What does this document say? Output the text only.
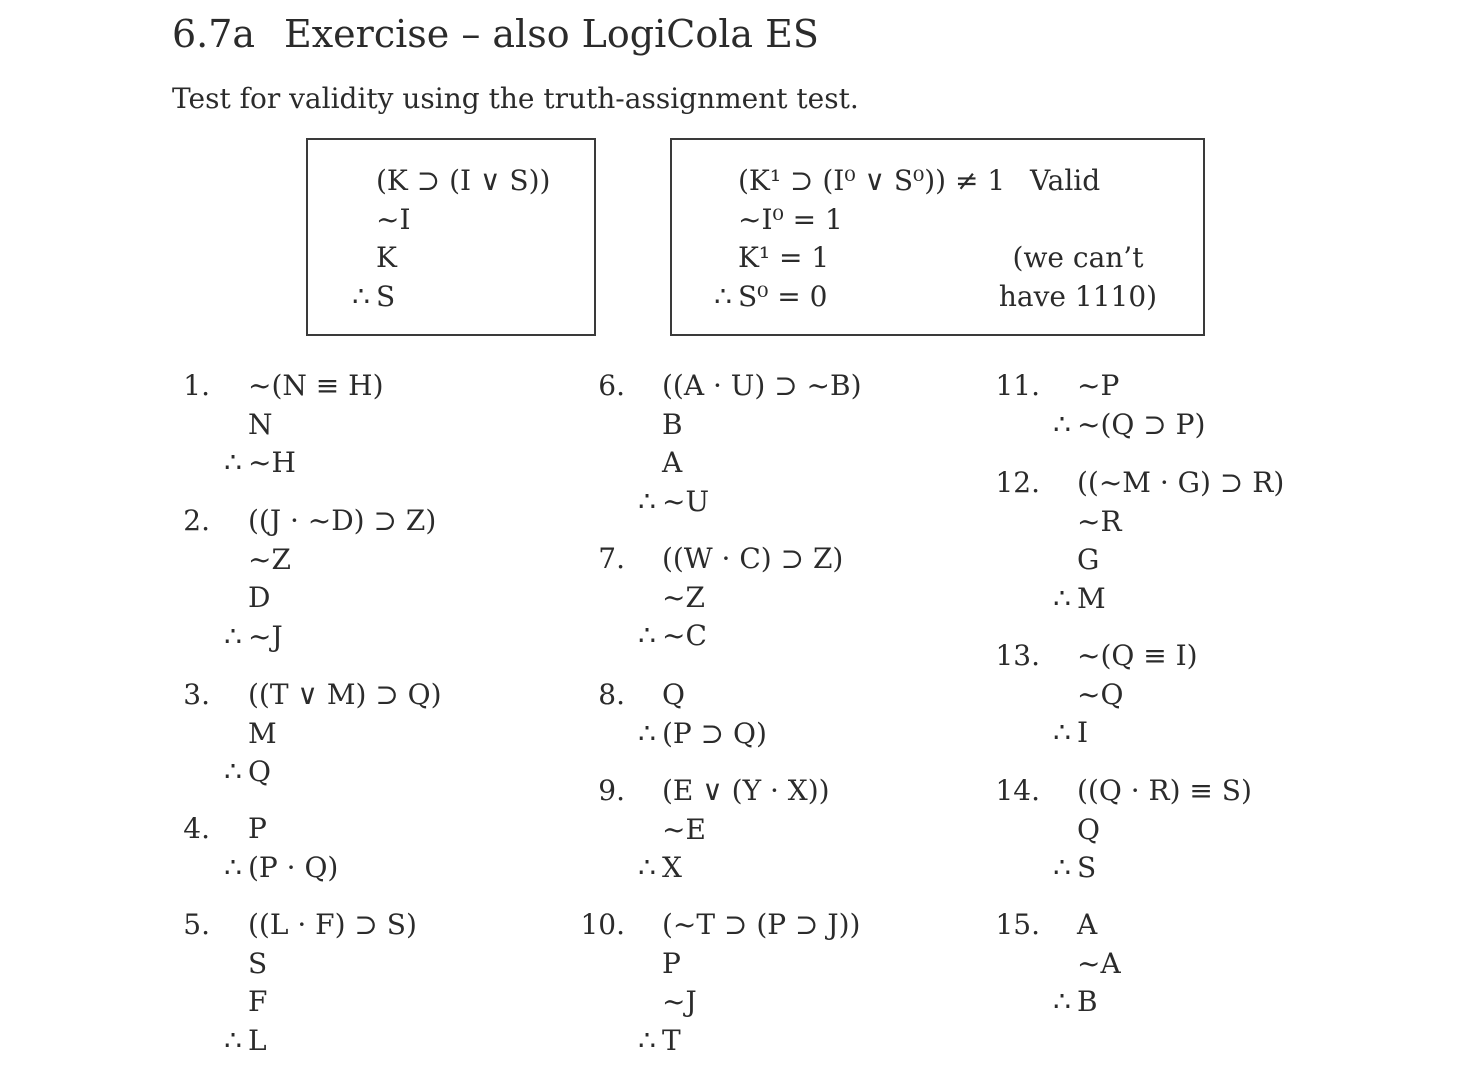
6.7a Exercise – also LogiCola ES
Test for validity using the truth-assignment test.
(K ⊃ (I ∨ S))
~I
K
∴ S
(K¹ ⊃ (I⁰ ∨ S⁰)) ≠ 1
~I⁰ = 1
K¹ = 1
∴ S⁰ = 0
Valid
(we can’t
have 1110)
1. ~(N ≡ H)
N
∴ ~H
2. ((J · ~D) ⊃ Z)
~Z
D
∴ ~J
3. ((T ∨ M) ⊃ Q)
M
∴ Q
4. P
∴ (P · Q)
5. ((L · F) ⊃ S)
S
F
∴ L
6. ((A · U) ⊃ ~B)
B
A
∴ ~U
7. ((W · C) ⊃ Z)
~Z
∴ ~C
8. Q
∴ (P ⊃ Q)
9. (E ∨ (Y · X))
~E
∴ X
10. (~T ⊃ (P ⊃ J))
P
~J
∴ T
11. ~P
∴ ~(Q ⊃ P)
12. ((~M · G) ⊃ R)
~R
G
∴ M
13. ~(Q ≡ I)
~Q
∴ I
14. ((Q · R) ≡ S)
Q
∴ S
15. A
~A
∴ B
